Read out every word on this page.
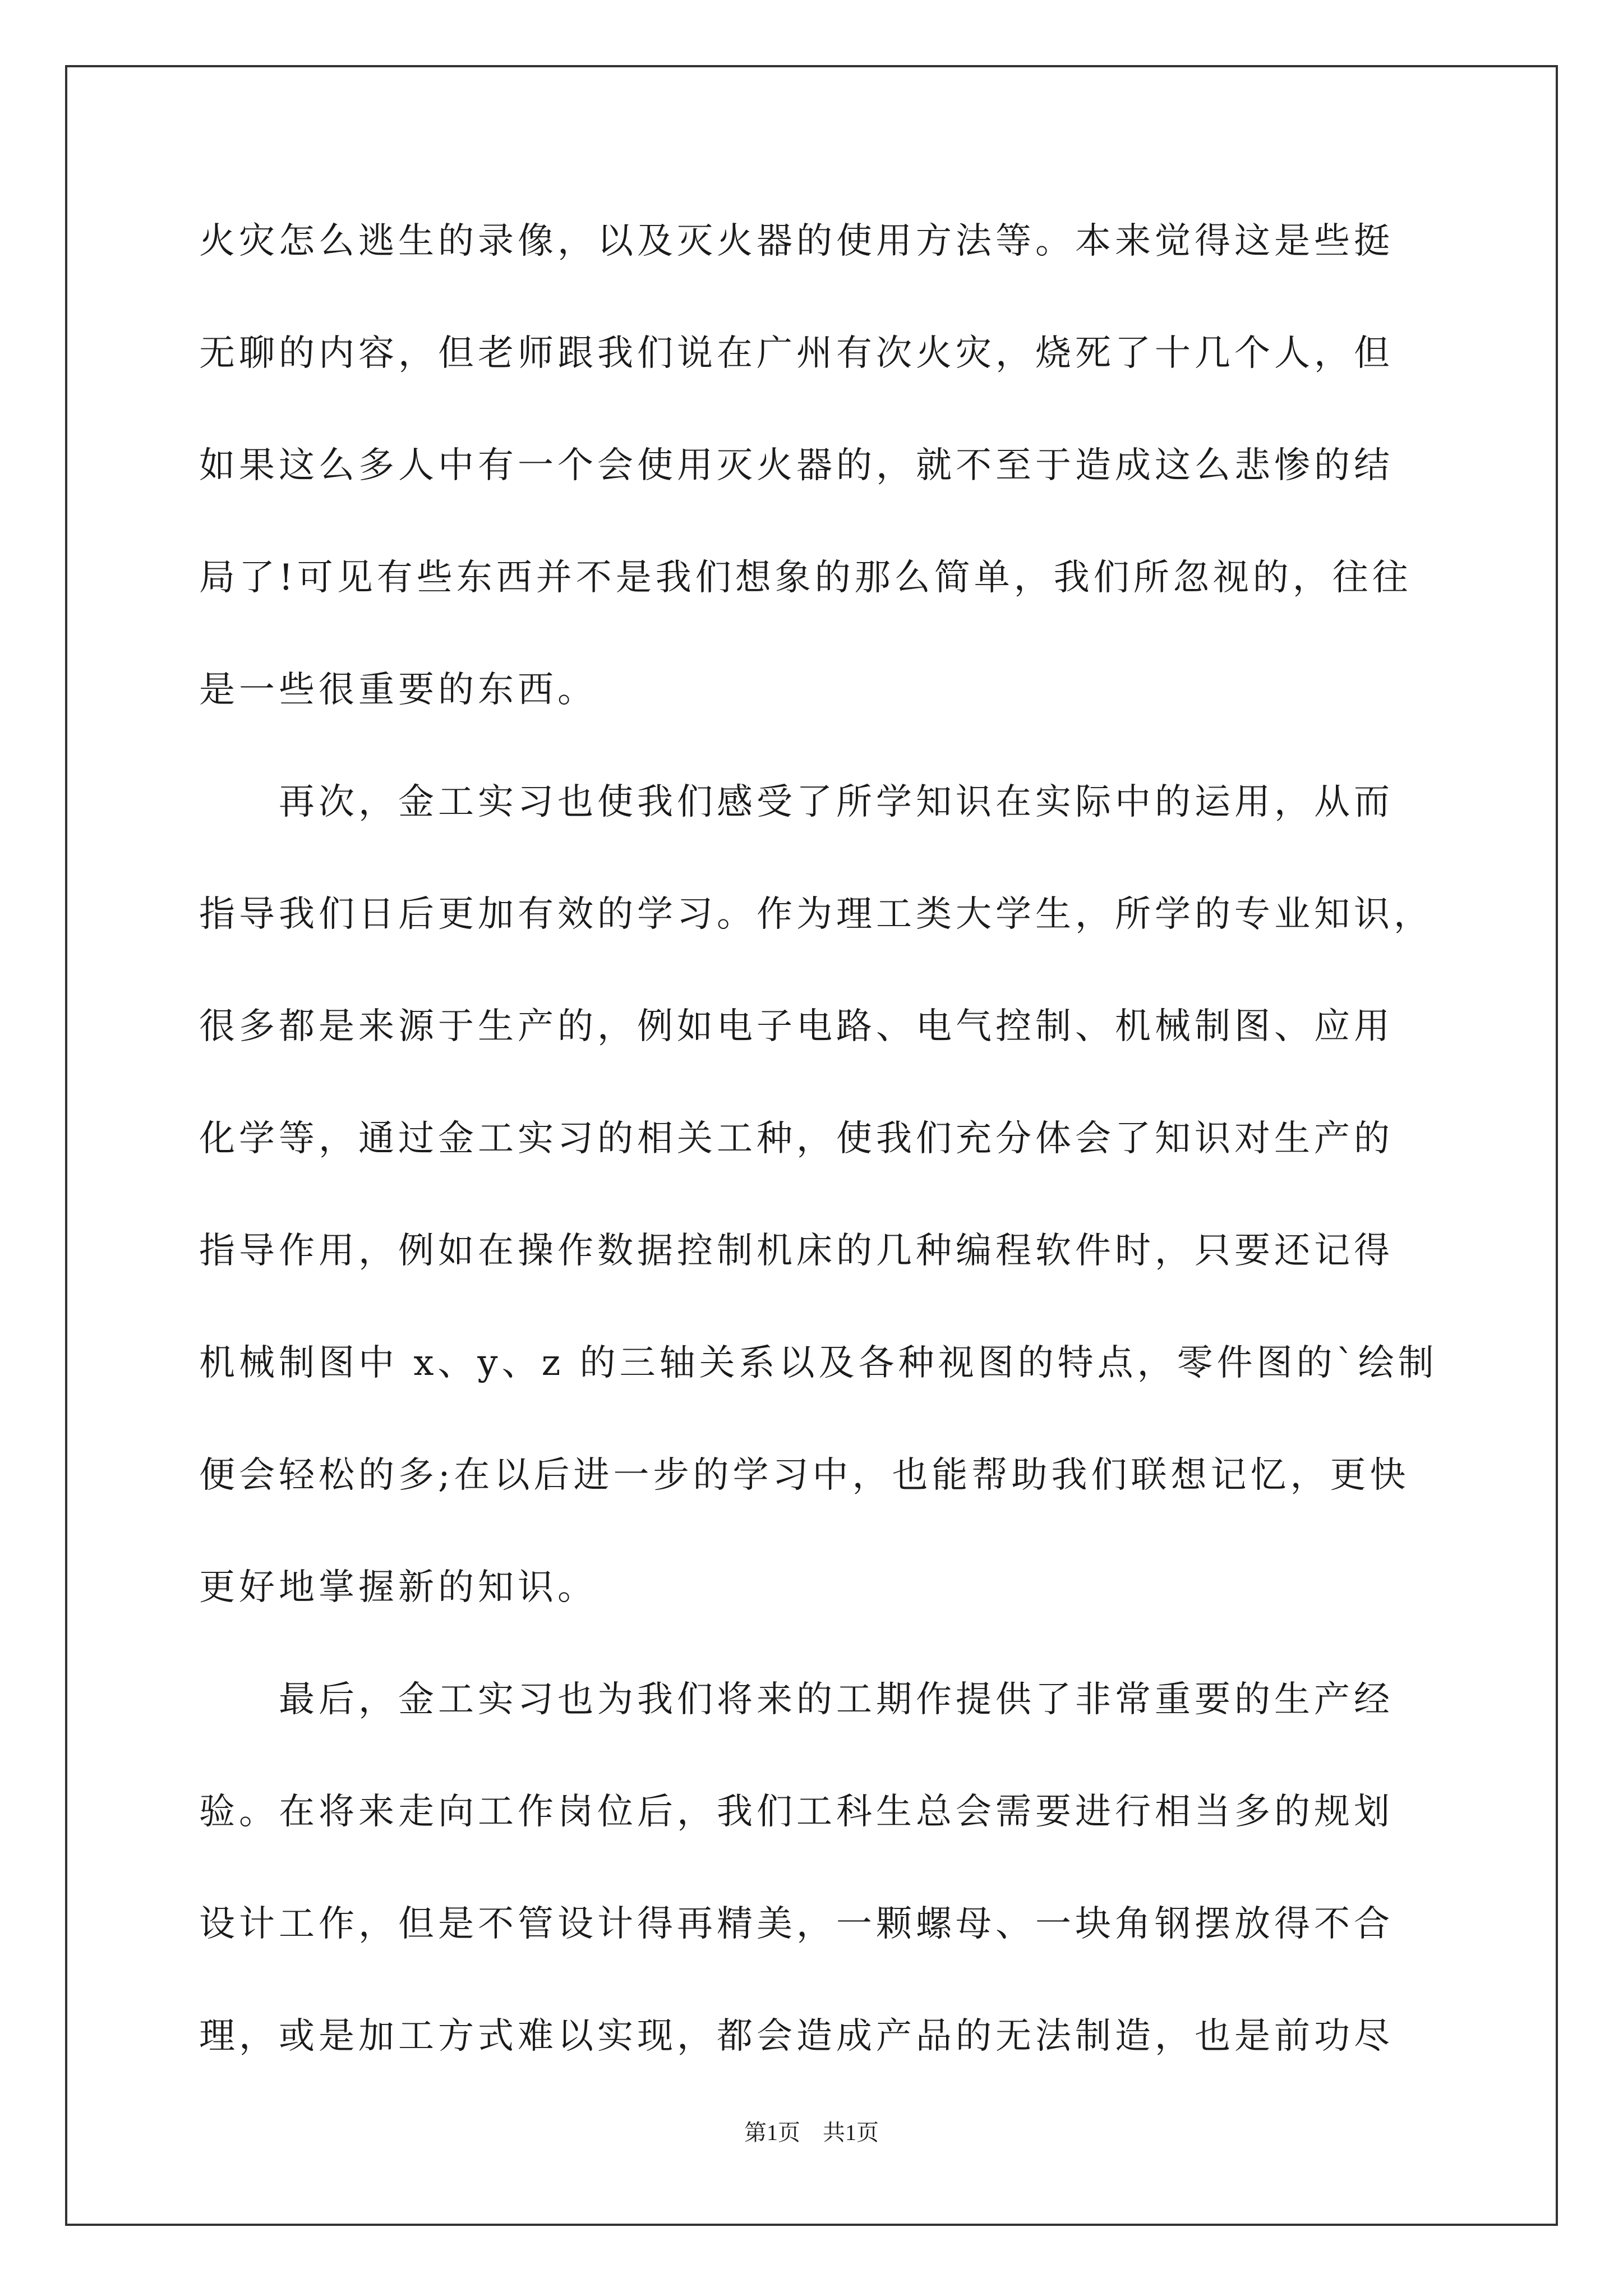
火灾怎么逃生的录像，以及灭火器的使用方法等。本来觉得这是些挺
无聊的内容，但老师跟我们说在广州有次火灾，烧死了十几个人，但
如果这么多人中有一个会使用灭火器的，就不至于造成这么悲惨的结
局了!可见有些东西并不是我们想象的那么简单，我们所忽视的，往往
是一些很重要的东西。
　　再次，金工实习也使我们感受了所学知识在实际中的运用，从而
指导我们日后更加有效的学习。作为理工类大学生，所学的专业知识，
很多都是来源于生产的，例如电子电路、电气控制、机械制图、应用
化学等，通过金工实习的相关工种，使我们充分体会了知识对生产的
指导作用，例如在操作数据控制机床的几种编程软件时，只要还记得
机械制图中 x、y、z 的三轴关系以及各种视图的特点，零件图的`绘制
便会轻松的多;在以后进一步的学习中，也能帮助我们联想记忆，更快
更好地掌握新的知识。
　　最后，金工实习也为我们将来的工期作提供了非常重要的生产经
验。在将来走向工作岗位后，我们工科生总会需要进行相当多的规划
设计工作，但是不管设计得再精美，一颗螺母、一块角钢摆放得不合
理，或是加工方式难以实现，都会造成产品的无法制造，也是前功尽
第1页　共1页
